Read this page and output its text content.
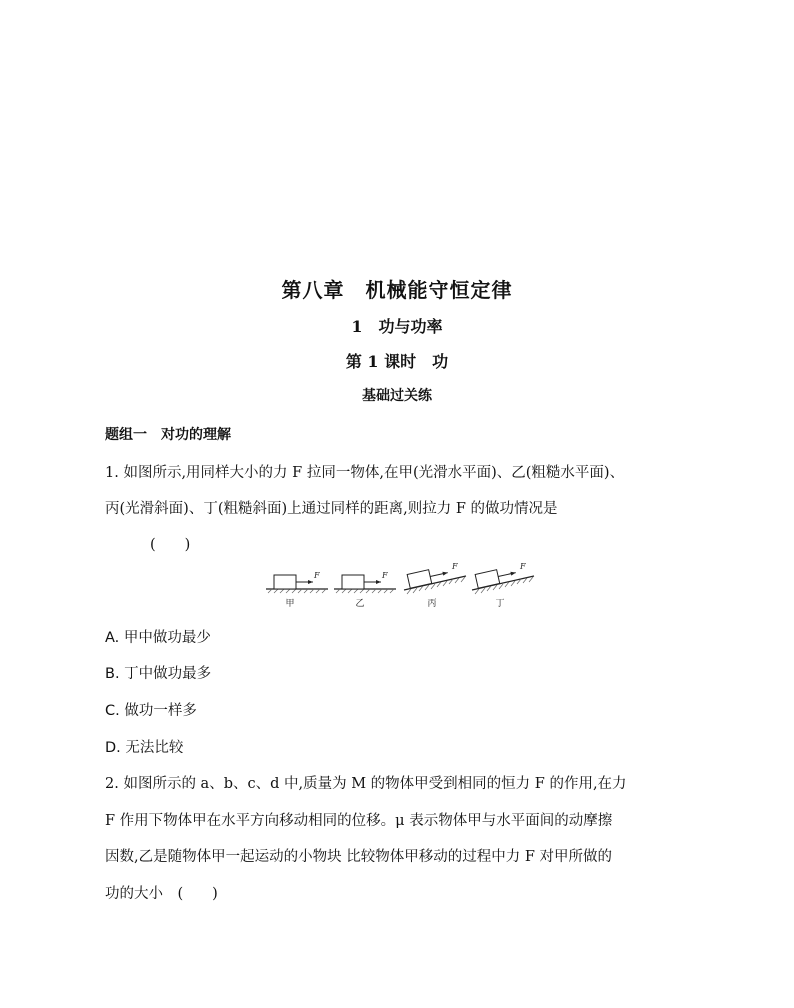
第八章　机械能守恒定律
1　功与功率
第 1 课时　功
基础过关练
题组一　对功的理解
1. 如图所示,用同样大小的力 F 拉同一物体,在甲(光滑水平面)、乙(粗糙水平面)、
丙(光滑斜面)、丁(粗糙斜面)上通过同样的距离,则拉力 F 的做功情况是
(　　)
F
甲
F
乙
F
丙
F
丁
A. 甲中做功最少
B. 丁中做功最多
C. 做功一样多
D. 无法比较
2. 如图所示的 a、b、c、d 中,质量为 M 的物体甲受到相同的恒力 F 的作用,在力
F 作用下物体甲在水平方向移动相同的位移。μ 表示物体甲与水平面间的动摩擦
因数,乙是随物体甲一起运动的小物块 比较物体甲移动的过程中力 F 对甲所做的
功的大小　(　　)
